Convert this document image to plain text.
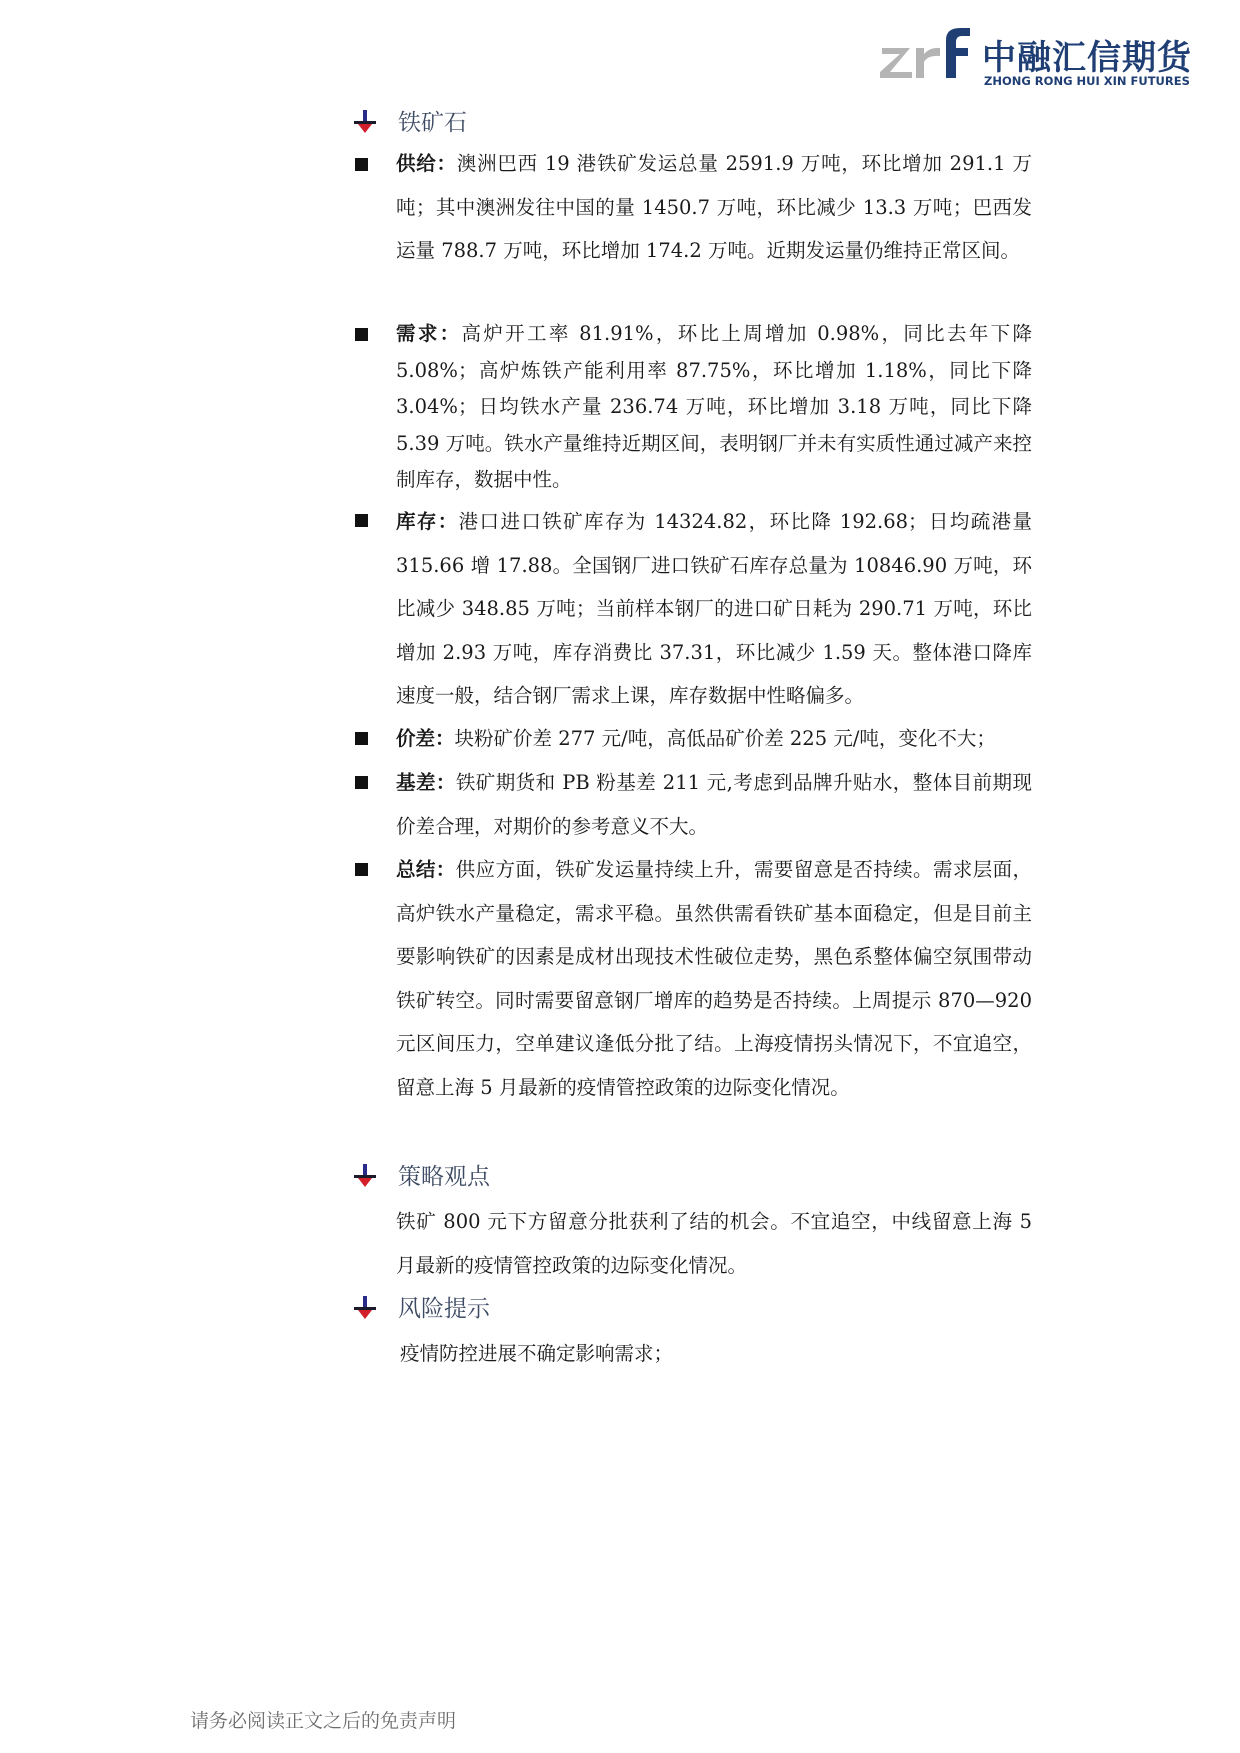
中融汇信期货
ZHONG RONG HUI XIN FUTURES
铁矿石
供给：澳洲巴西 19 港铁矿发运总量 2591.9 万吨，环比增加 291.1 万吨；其中澳洲发往中国的量 1450.7 万吨，环比减少 13.3 万吨；巴西发运量 788.7 万吨，环比增加 174.2 万吨。近期发运量仍维持正常区间。
需求：高炉开工率 81.91%，环比上周增加 0.98%，同比去年下降 5.08%；高炉炼铁产能利用率 87.75%，环比增加 1.18%，同比下降 3.04%；日均铁水产量 236.74 万吨，环比增加 3.18 万吨，同比下降 5.39 万吨。铁水产量维持近期区间，表明钢厂并未有实质性通过减产来控制库存，数据中性。
库存：港口进口铁矿库存为 14324.82，环比降 192.68；日均疏港量 315.66 增 17.88。全国钢厂进口铁矿石库存总量为 10846.90 万吨，环比减少 348.85 万吨；当前样本钢厂的进口矿日耗为 290.71 万吨，环比增加 2.93 万吨，库存消费比 37.31，环比减少 1.59 天。整体港口降库速度一般，结合钢厂需求上课，库存数据中性略偏多。
价差：块粉矿价差 277 元/吨，高低品矿价差 225 元/吨，变化不大；
基差：铁矿期货和 PB 粉基差 211 元,考虑到品牌升贴水，整体目前期现价差合理，对期价的参考意义不大。
总结：供应方面，铁矿发运量持续上升，需要留意是否持续。需求层面，高炉铁水产量稳定，需求平稳。虽然供需看铁矿基本面稳定，但是目前主要影响铁矿的因素是成材出现技术性破位走势，黑色系整体偏空氛围带动铁矿转空。同时需要留意钢厂增库的趋势是否持续。上周提示 870—920 元区间压力，空单建议逢低分批了结。上海疫情拐头情况下，不宜追空，留意上海 5 月最新的疫情管控政策的边际变化情况。
策略观点
铁矿 800 元下方留意分批获利了结的机会。不宜追空，中线留意上海 5 月最新的疫情管控政策的边际变化情况。
风险提示
疫情防控进展不确定影响需求；
请务必阅读正文之后的免责声明
